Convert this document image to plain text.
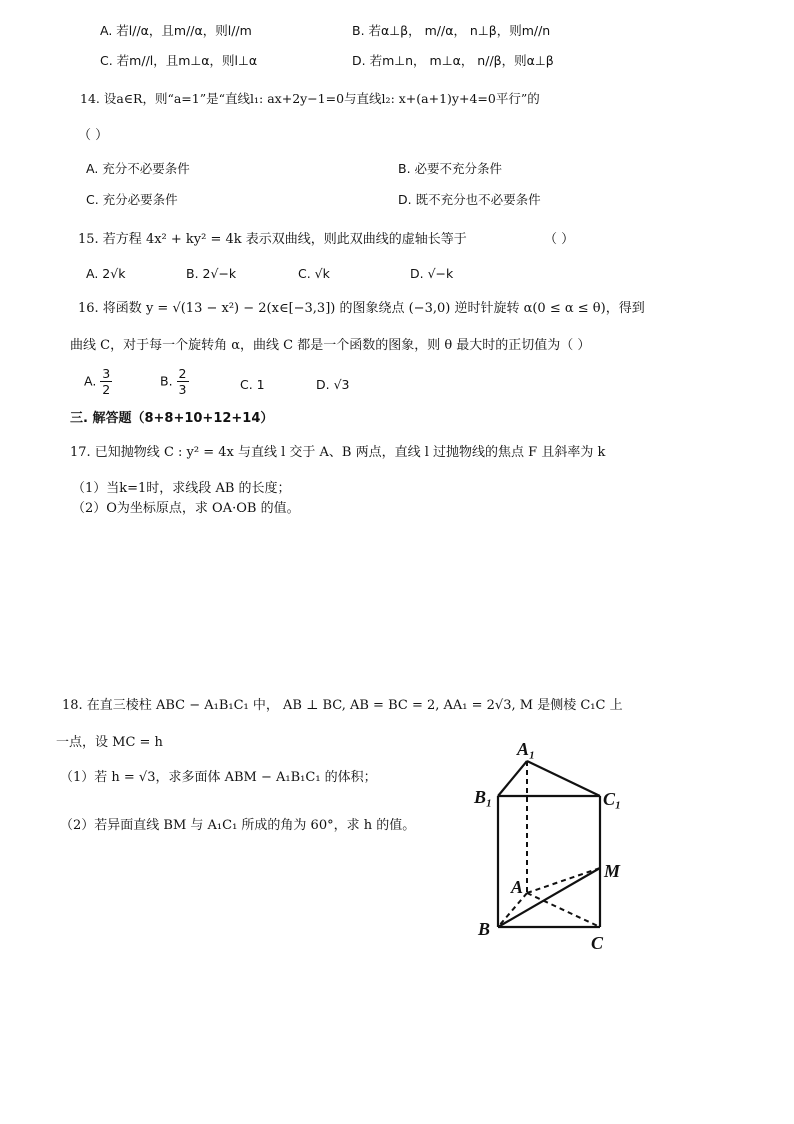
A. 若l//α，且m//α，则l//m	B. 若α⊥β， m//α， n⊥β，则m//n
C. 若m//l，且m⊥α，则l⊥α	D. 若m⊥n， m⊥α， n//β，则α⊥β
14. 设a∈R，则“a=1”是“直线l₁: ax+2y−1=0与直线l₂: x+(a+1)y+4=0平行”的
（ ）
A. 充分不必要条件	B. 必要不充分条件
C. 充分必要条件	D. 既不充分也不必要条件
15. 若方程 4x² + ky² = 4k 表示双曲线，则此双曲线的虚轴长等于	（ ）
A. 2√k	B. 2√−k	C. √k	D. √−k
16. 将函数 y = √(13 − x²) − 2(x∈[−3,3]) 的图象绕点 (−3,0) 逆时针旋转 α(0 ≤ α ≤ θ)，得到
曲线 C，对于每一个旋转角 α，曲线 C 都是一个函数的图象，则 θ 最大时的正切值为（ ）
A. $\frac{3}{2}$	B. $\frac{2}{3}$	C. 1	D. √3
三. 解答题（8+8+10+12+14）
17. 已知抛物线 C : y² = 4x 与直线 l 交于 A、B 两点，直线 l 过抛物线的焦点 F 且斜率为 k
（1）当k=1时，求线段 AB 的长度；
（2）O为坐标原点，求 OA·OB 的值。
18. 在直三棱柱 ABC − A₁B₁C₁ 中， AB ⊥ BC, AB = BC = 2, AA₁ = 2√3, M 是侧棱 C₁C 上
一点，设 MC = h
（1）若 h = √3，求多面体 ABM − A₁B₁C₁ 的体积；
（2）若异面直线 BM 与 A₁C₁ 所成的角为 60°，求 h 的值。
A₁
B₁	C₁
A
M
B
C
